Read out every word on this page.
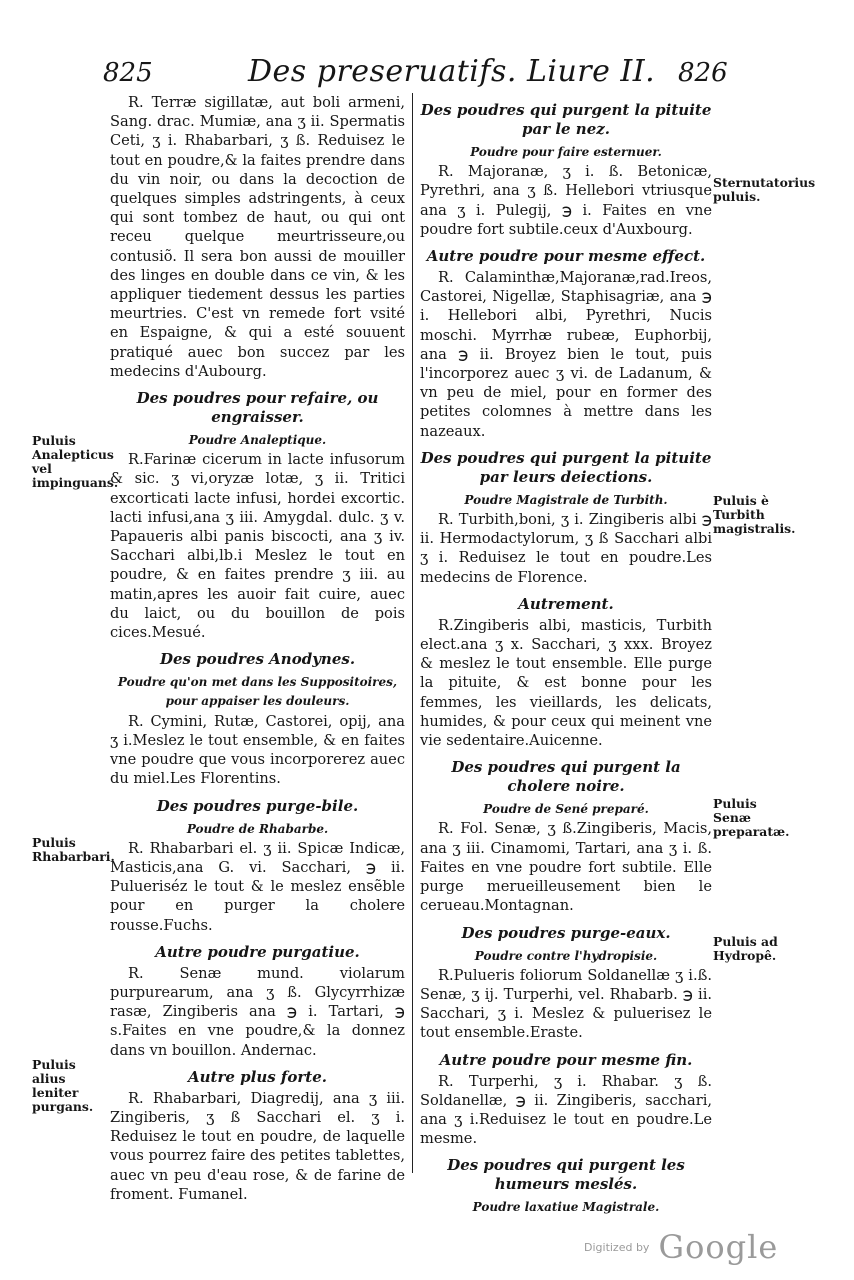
825	Des preseruatifs. Liure II. 826

R. Terræ sigillatæ, aut boli armeni, Sang. drac. Mumiæ, ana ʒ ii. Spermatis Ceti, ʒ i. Rhabarbari, ʒ ß. Reduisez le tout en poudre,& la faites prendre dans du vin noir, ou dans la decoction de quelques simples adstringents, à ceux qui sont tombez de haut, ou qui ont receu quelque meurtrisseure,ou contusiõ. Il sera bon aussi de mouiller des linges en double dans ce vin, & les appliquer tiedement dessus les parties meurtries. C'est vn remede fort vsité en Espaigne, & qui a esté souuent pratiqué auec bon succez par les medecins d'Aubourg.

Des poudres pour refaire, ou engraisser.
Poudre Analeptique.

R.Farinæ cicerum in lacte infusorum & sic. ʒ vi,oryzæ lotæ, ʒ ii. Tritici excorticati lacte infusi, hordei excortic. lacti infusi,ana ʒ iii. Amygdal. dulc. ʒ v. Papaueris albi panis biscocti, ana ʒ iv. Sacchari albi,lb.i Meslez le tout en poudre, & en faites prendre ʒ iii. au matin,apres les auoir fait cuire, auec du laict, ou du bouillon de pois cices.Mesué.

Des poudres Anodynes.
Poudre qu'on met dans les Suppositoires, pour appaiser les douleurs.

R. Cymini, Rutæ, Castorei, opij, ana ʒ i.Meslez le tout ensemble, & en faites vne poudre que vous incorporerez auec du miel.Les Florentins.

Des poudres purge-bile.
Poudre de Rhabarbe.

R. Rhabarbari el. ʒ ii. Spicæ Indicæ, Masticis,ana G. vi. Sacchari, ℈ ii. Pulueriséz le tout & le meslez ensẽble pour en purger la cholere rousse.Fuchs.

Autre poudre purgatiue.

R. Senæ mund. violarum purpurearum, ana ʒ ß. Glycyrrhizæ rasæ, Zingiberis ana ℈ i. Tartari, ℈ s.Faites en vne poudre,& la donnez dans vn bouillon. Andernac.

Autre plus forte.

R. Rhabarbari, Diagredij, ana ʒ iii. Zingiberis, ʒ ß Sacchari el. ʒ i. Reduisez le tout en poudre, de laquelle vous pourrez faire des petites tablettes, auec vn peu d'eau rose, & de farine de froment. Fumanel.

Des poudres qui purgent la pituite par le nez.
Poudre pour faire esternuer.

R. Majoranæ, ʒ i. ß. Betonicæ, Pyrethri, ana ʒ ß. Hellebori vtriusque ana ʒ i. Pulegij, ℈ i. Faites en vne poudre fort subtile.ceux d'Auxbourg.

Autre poudre pour mesme effect.

R. Calaminthæ,Majoranæ,rad.Ireos, Castorei, Nigellæ, Staphisagriæ, ana ℈ i. Hellebori albi, Pyrethri, Nucis moschi. Myrrhæ rubeæ, Euphorbij, ana ℈ ii. Broyez bien le tout, puis l'incorporez auec ʒ vi. de Ladanum, & vn peu de miel, pour en former des petites colomnes à mettre dans les nazeaux.

Des poudres qui purgent la pituite par leurs deiections.
Poudre Magistrale de Turbith.

R. Turbith,boni, ʒ i. Zingiberis albi ℈ ii. Hermodactylorum, ʒ ß Sacchari albi ʒ i. Reduisez le tout en poudre.Les medecins de Florence.

Autrement.

R.Zingiberis albi, masticis, Turbith elect.ana ʒ x. Sacchari, ʒ xxx. Broyez & meslez le tout ensemble. Elle purge la pituite, & est bonne pour les femmes, les vieillards, les delicats, humides, & pour ceux qui meinent vne vie sedentaire.Auicenne.

Des poudres qui purgent la cholere noire.
Poudre de Sené preparé.

R. Fol. Senæ, ʒ ß.Zingiberis, Macis, ana ʒ iii. Cinamomi, Tartari, ana ʒ i. ß. Faites en vne poudre fort subtile. Elle purge merueilleusement bien le cerueau.Montagnan.

Des poudres purge-eaux.
Poudre contre l'hydropisie.

R.Pulueris foliorum Soldanellæ ʒ i.ß. Senæ, ʒ ij. Turperhi, vel. Rhabarb. ℈ ii. Sacchari, ʒ i. Meslez & puluerisez le tout ensemble.Eraste.

Autre poudre pour mesme fin.

R. Turperhi, ʒ i. Rhabar. ʒ ß. Soldanellæ, ℈ ii. Zingiberis, sacchari, ana ʒ i.Reduisez le tout en poudre.Le mesme.

Des poudres qui purgent les humeurs meslés.
Poudre laxatiue Magistrale.
Puluis Analepticus vel impinguans.
Puluis Rhabarbari.
Puluis alius leniter purgans.
Sternutatorius puluis.
Puluis è Turbith magistralis.
Puluis Senæ preparatæ.
Puluis ad Hydropê.
Digitized by Google
